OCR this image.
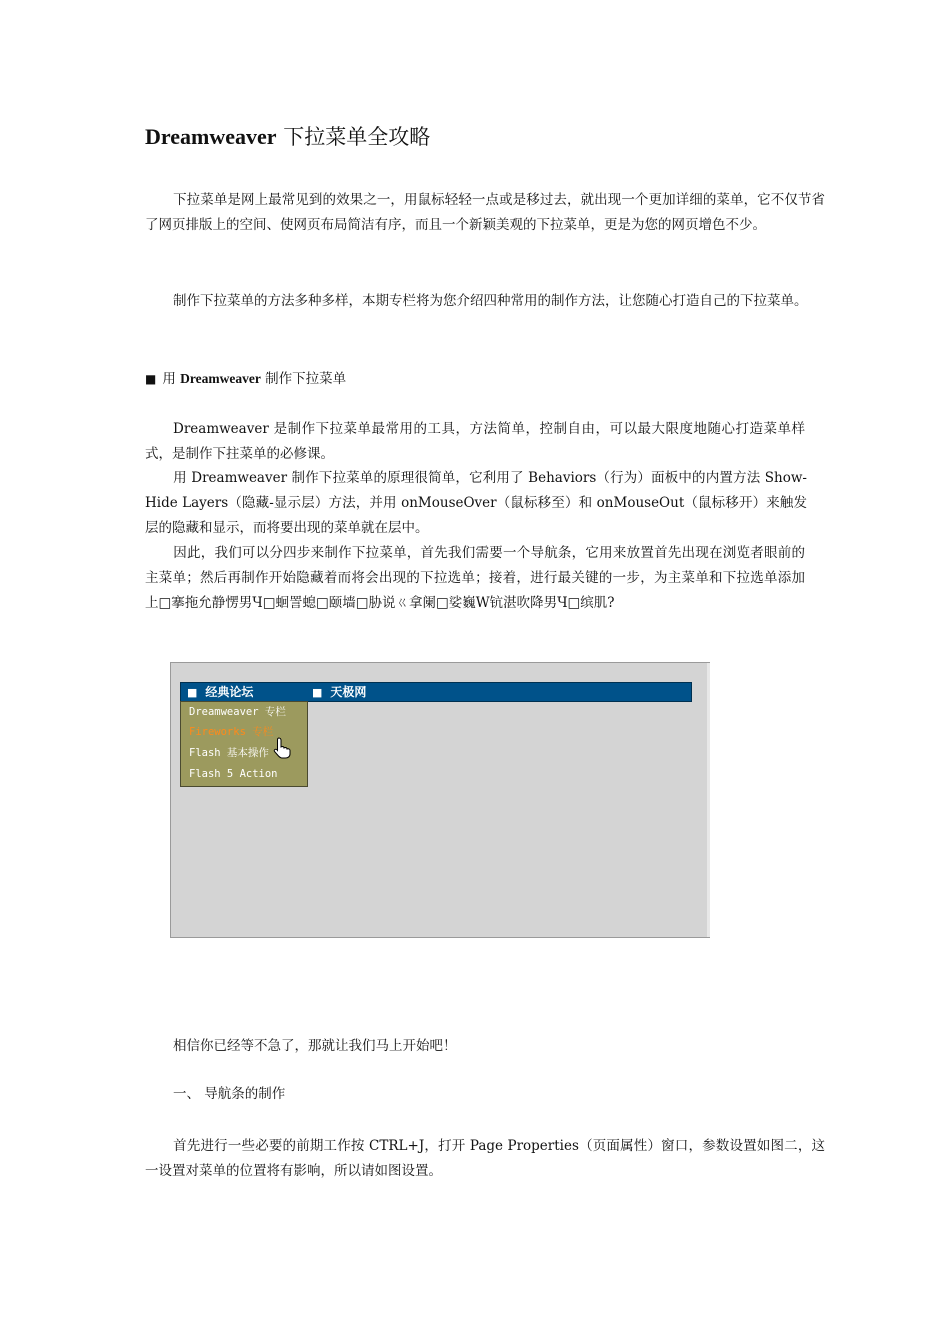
Dreamweaver 下拉菜单全攻略
下拉菜单是网上最常见到的效果之一，用鼠标轻轻一点或是移过去，就出现一个更加详细的菜单，它不仅节省了网页排版上的空间、使网页布局简洁有序，而且一个新颖美观的下拉菜单，更是为您的网页增色不少。
制作下拉菜单的方法多种多样，本期专栏将为您介绍四种常用的制作方法，让您随心打造自己的下拉菜单。
■ 用 Dreamweaver 制作下拉菜单
Dreamweaver 是制作下拉菜单最常用的工具，方法简单，控制自由，可以最大限度地随心打造菜单样式，是制作下拄菜单的必修课。
用 Dreamweaver 制作下拉菜单的原理很简单，它利用了 Behaviors（行为）面板中的内置方法 Show-Hide Layers（隐藏-显示层）方法，并用 onMouseOver（鼠标移至）和 onMouseOut（鼠标移开）来触发层的隐藏和显示，而将要出现的菜单就在层中。
因此，我们可以分四步来制作下拉菜单，首先我们需要一个导航条，它用来放置首先出现在浏览者眼前的主菜单；然后再制作开始隐藏着而将会出现的下拉选单；接着，进行最关键的一步，为主菜单和下拉选单添加上□搴拖允静愣男Ч□蛔詈螅□颐墙□胁说ㄍ拿阑□娑巍W钪湛吹降男Ч□缤肌?
■ 经典论坛	■ 天极网
Dreamweaver 专栏
Fireworks 专栏
Flash 基本操作
Flash 5 Action
相信你已经等不急了，那就让我们马上开始吧！
一、 导航条的制作
首先进行一些必要的前期工作按 CTRL+J，打开 Page Properties（页面属性）窗口，参数设置如图二，这一设置对菜单的位置将有影响，所以请如图设置。
